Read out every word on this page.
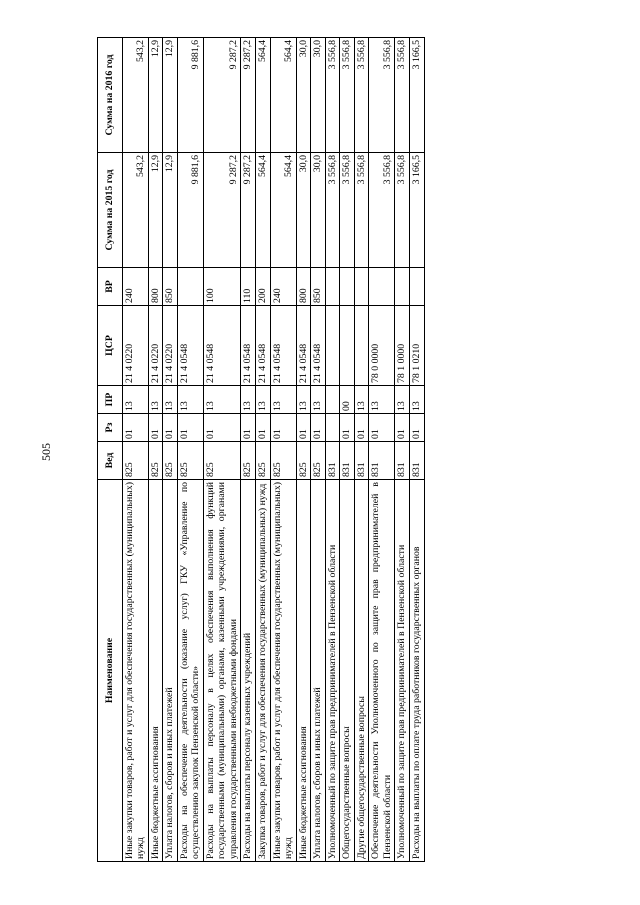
505
Наименование	Вед	Рз	ПР	ЦСР	ВР	Сумма на 2015 год	Сумма на 2016 год
Иные закупки товаров, работ и услуг для обеспечения государственных (муниципальных) нужд	825	01	13	21 4 0220	240	543,2	543,2
Иные бюджетные ассигнования	825	01	13	21 4 0220	800	12,9	12,9
Уплата налогов, сборов и иных платежей	825	01	13	21 4 0220	850	12,9	12,9
Расходы на обеспечение деятельности (оказание услуг) ГКУ «Управление по осуществлению закупок Пензенской области»	825	01	13	21 4 0548		9 881,6	9 881,6
Расходы на выплаты персоналу в целях обеспечения выполнения функций государственными (муниципальными) органами, казенными учреждениями, органами управления государственными внебюджетными фондами	825	01	13	21 4 0548	100	9 287,2	9 287,2
Расходы на выплаты персоналу казенных учреждений	825	01	13	21 4 0548	110	9 287,2	9 287,2
Закупка товаров, работ и услуг для обеспечения государственных (муниципальных) нужд	825	01	13	21 4 0548	200	564,4	564,4
Иные закупки товаров, работ и услуг для обеспечения государственных (муниципальных) нужд	825	01	13	21 4 0548	240	564,4	564,4
Иные бюджетные ассигнования	825	01	13	21 4 0548	800	30,0	30,0
Уплата налогов, сборов и иных платежей	825	01	13	21 4 0548	850	30,0	30,0
Уполномоченный по защите прав предпринимателей в Пензенской области	831					3 556,8	3 556,8
Общегосударственные вопросы	831	01	00			3 556,8	3 556,8
Другие общегосударственные вопросы	831	01	13			3 556,8	3 556,8
Обеспечение деятельности Уполномоченного по защите прав предпринимателей в Пензенской области	831	01	13	78 0 0000		3 556,8	3 556,8
Уполномоченный по защите прав предпринимателей в Пензенской области	831	01	13	78 1 0000		3 556,8	3 556,8
Расходы на выплаты по оплате труда работников государственных органов	831	01	13	78 1 0210		3 166,5	3 166,5
